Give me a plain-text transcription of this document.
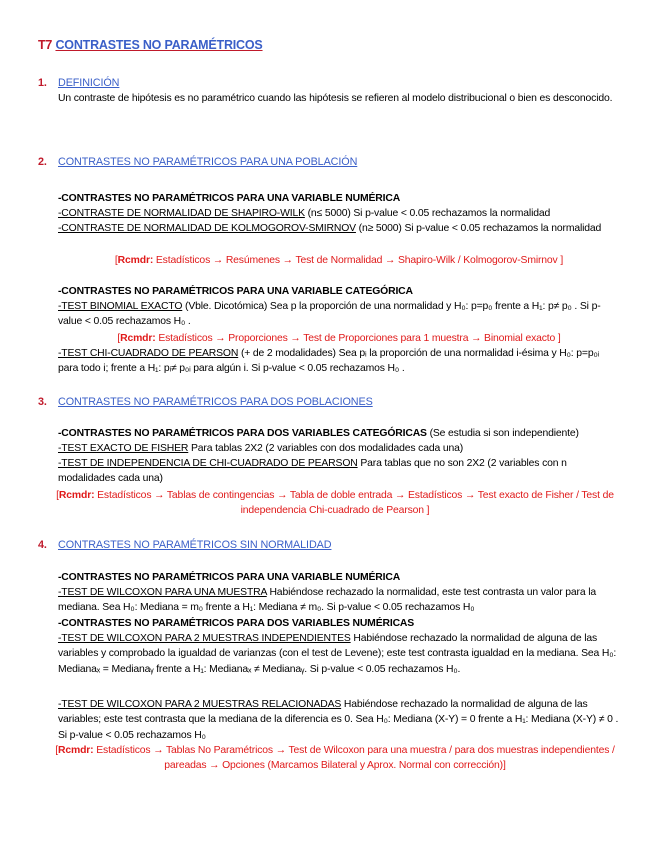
T7 CONTRASTES NO PARAMÉTRICOS
1. DEFINICIÓN
Un contraste de hipótesis es no paramétrico cuando las hipótesis se refieren al modelo distribucional o bien es desconocido.
2. CONTRASTES NO PARAMÉTRICOS PARA UNA POBLACIÓN
-CONTRASTES NO PARAMÉTRICOS PARA UNA VARIABLE NUMÉRICA
-CONTRASTE DE NORMALIDAD DE SHAPIRO-WILK (n≤ 5000) Si p-value < 0.05 rechazamos la normalidad
-CONTRASTE DE NORMALIDAD DE KOLMOGOROV-SMIRNOV (n≥ 5000) Si p-value < 0.05 rechazamos la normalidad
[Rcmdr: Estadísticos → Resúmenes → Test de Normalidad → Shapiro-Wilk / Kolmogorov-Smirnov ]
-CONTRASTES NO PARAMÉTRICOS PARA UNA VARIABLE CATEGÓRICA
-TEST BINOMIAL EXACTO (Vble. Dicotómica) Sea p la proporción de una normalidad y H₀: p=p₀ frente a H₁: p≠ p₀ . Si p-value < 0.05 rechazamos H₀ .
[Rcmdr: Estadísticos → Proporciones → Test de Proporciones para 1 muestra → Binomial exacto ]
-TEST CHI-CUADRADO DE PEARSON (+ de 2 modalidades) Sea pᵢ la proporción de una normalidad i-ésima y H₀: p=p₀ᵢ para todo i; frente a H₁: pᵢ≠ p₀ᵢ para algún i. Si p-value < 0.05 rechazamos H₀ .
3. CONTRASTES NO PARAMÉTRICOS PARA DOS POBLACIONES
-CONTRASTES NO PARAMÉTRICOS PARA DOS VARIABLES CATEGÓRICAS (Se estudia si son independiente)
-TEST EXACTO DE FISHER Para tablas 2X2 (2 variables con dos modalidades cada una)
-TEST DE INDEPENDENCIA DE CHI-CUADRADO DE PEARSON Para tablas que no son 2X2 (2 variables con n modalidades cada una)
[Rcmdr: Estadísticos → Tablas de contingencias → Tabla de doble entrada → Estadísticos → Test exacto de Fisher / Test de independencia Chi-cuadrado de Pearson ]
4. CONTRASTES NO PARAMÉTRICOS SIN NORMALIDAD
-CONTRASTES NO PARAMÉTRICOS PARA UNA VARIABLE NUMÉRICA
-TEST DE WILCOXON PARA UNA MUESTRA Habiéndose rechazado la normalidad, este test contrasta un valor para la mediana. Sea H₀: Mediana = m₀ frente a H₁: Mediana ≠ m₀. Si p-value < 0.05 rechazamos H₀
-CONTRASTES NO PARAMÉTRICOS PARA DOS VARIABLES NUMÉRICAS
-TEST DE WILCOXON PARA 2 MUESTRAS INDEPENDIENTES Habiéndose rechazado la normalidad de alguna de las variables y comprobado la igualdad de varianzas (con el test de Levene); este test contrasta igualdad en la mediana. Sea H₀: Medianaₓ = Medianaᵧ frente a H₁: Medianaₓ ≠ Medianaᵧ. Si p-value < 0.05 rechazamos H₀.
-TEST DE WILCOXON PARA 2 MUESTRAS RELACIONADAS Habiéndose rechazado la normalidad de alguna de las variables; este test contrasta que la mediana de la diferencia es 0. Sea H₀: Mediana (X-Y) = 0 frente a H₁: Mediana (X-Y) ≠ 0 . Si p-value < 0.05 rechazamos H₀
[Rcmdr: Estadísticos → Tablas No Paramétricos → Test de Wilcoxon para una muestra / para dos muestras independientes / pareadas → Opciones (Marcamos Bilateral y Aprox. Normal con corrección)]
